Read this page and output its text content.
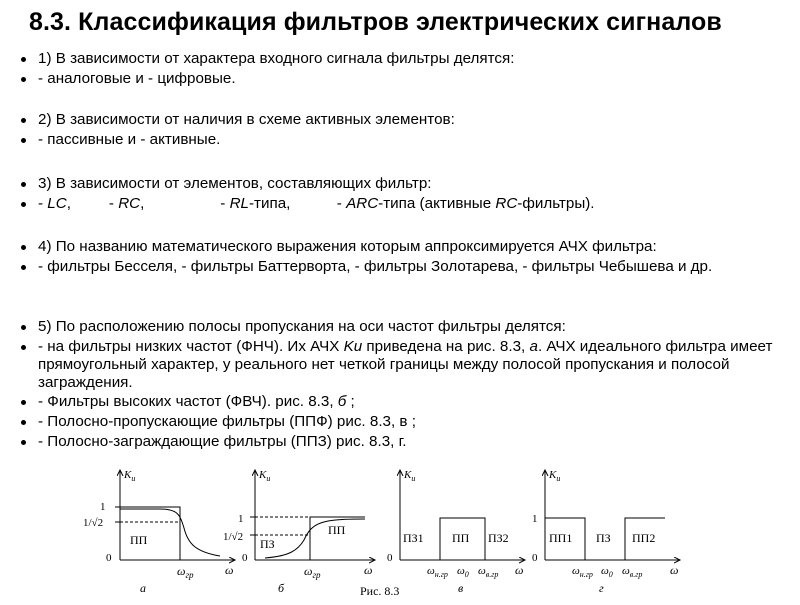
8.3. Классификация фильтров электрических сигналов
1) В зависимости от характера входного сигнала фильтры делятся:
- аналоговые и - цифровые.
2) В зависимости от наличия в схеме активных элементов:
- пассивные и - активные.
3) В зависимости от элементов, составляющих фильтр:
- LC,         - RC,                  - RL-типа,           - ARC-типа (активные RC-фильтры).
4) По названию математического выражения которым аппроксимируется АЧХ фильтра:
- фильтры Бесселя, - фильтры Баттерворта, - фильтры Золотарева, - фильтры Чебышева и др.
5) По расположению полосы пропускания на оси частот фильтры делятся:
- на фильтры низких частот (ФНЧ). Их АЧХ Ku приведена на рис. 8.3, а. АЧХ идеального фильтра имеет прямоугольный характер, у реального нет четкой границы между полосой пропускания и полосой заграждения.
- Фильтры высоких частот (ФВЧ). рис. 8.3, б ;
- Полосно-пропускающие фильтры (ППФ) рис. 8.3, в ;
- Полосно-заграждающие фильтры (ППЗ) рис. 8.3, г.
$K_u$
1
1/√2
0
ПП
$\omega_{гр}$	ω
а
$K_u$
1
1/√2
0
ПЗ
ПП
$\omega_{гр}$	ω
б
$K_u$
0
ПЗ1 ПП ПЗ2
$\omega_{н.гр}$ $\omega_0$ $\omega_{в.гр}$ ω
в
$K_u$
1
0
ПП1 ПЗ ПП2
$\omega_{н.гр}$ $\omega_0$ $\omega_{в.гр}$ ω
г
Рис. 8.3
